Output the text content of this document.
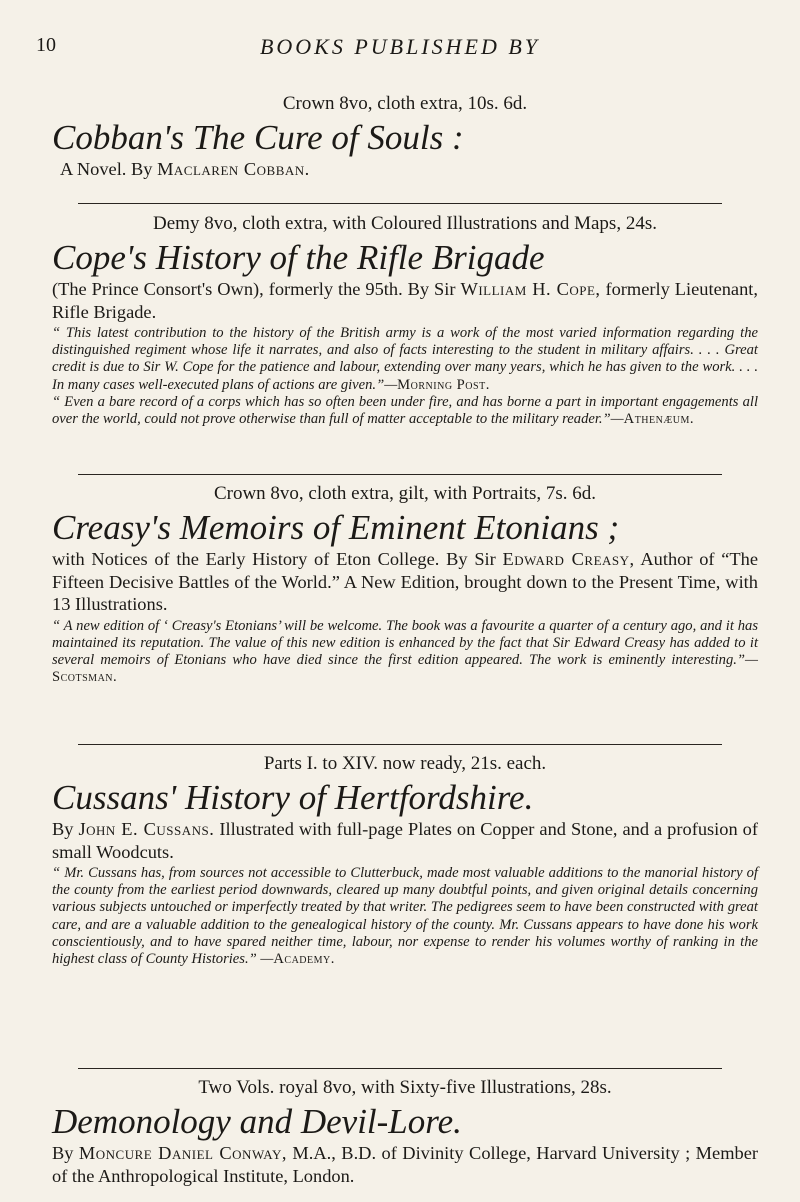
10	BOOKS PUBLISHED BY
Crown 8vo, cloth extra, 10s. 6d.
Cobban's The Cure of Souls :
A Novel. By Maclaren Cobban.
Demy 8vo, cloth extra, with Coloured Illustrations and Maps, 24s.
Cope's History of the Rifle Brigade
(The Prince Consort's Own), formerly the 95th. By Sir William H. Cope, formerly Lieutenant, Rifle Brigade.
“ This latest contribution to the history of the British army is a work of the most varied information regarding the distinguished regiment whose life it narrates, and also of facts interesting to the student in military affairs. . . . Great credit is due to Sir W. Cope for the patience and labour, extending over many years, which he has given to the work. . . . In many cases well-executed plans of actions are given.”—Morning Post.
“ Even a bare record of a corps which has so often been under fire, and has borne a part in important engagements all over the world, could not prove otherwise than full of matter acceptable to the military reader.”—Athenæum.
Crown 8vo, cloth extra, gilt, with Portraits, 7s. 6d.
Creasy's Memoirs of Eminent Etonians ;
with Notices of the Early History of Eton College. By Sir Edward Creasy, Author of “The Fifteen Decisive Battles of the World.” A New Edition, brought down to the Present Time, with 13 Illustrations.
“ A new edition of ‘ Creasy's Etonians’ will be welcome. The book was a favourite a quarter of a century ago, and it has maintained its reputation. The value of this new edition is enhanced by the fact that Sir Edward Creasy has added to it several memoirs of Etonians who have died since the first edition appeared. The work is eminently interesting.”—Scotsman.
Parts I. to XIV. now ready, 21s. each.
Cussans' History of Hertfordshire.
By John E. Cussans. Illustrated with full-page Plates on Copper and Stone, and a profusion of small Woodcuts.
“ Mr. Cussans has, from sources not accessible to Clutterbuck, made most valuable additions to the manorial history of the county from the earliest period downwards, cleared up many doubtful points, and given original details concerning various subjects untouched or imperfectly treated by that writer. The pedigrees seem to have been constructed with great care, and are a valuable addition to the genealogical history of the county. Mr. Cussans appears to have done his work conscientiously, and to have spared neither time, labour, nor expense to render his volumes worthy of ranking in the highest class of County Histories.” —Academy.
Two Vols. royal 8vo, with Sixty-five Illustrations, 28s.
Demonology and Devil-Lore.
By Moncure Daniel Conway, M.A., B.D. of Divinity College, Harvard University ; Member of the Anthropological Institute, London.
